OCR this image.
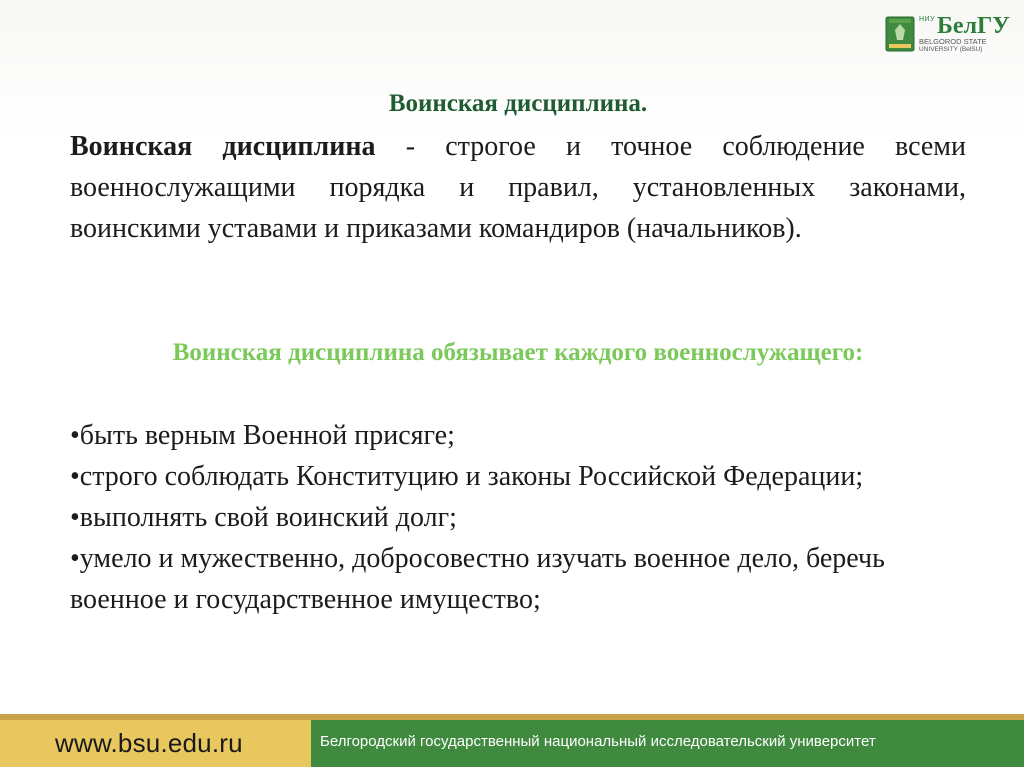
НИУ БелГУ
BELGOROD STATE
UNIVERSITY (BelSU)
Воинская дисциплина.
Воинская дисциплина - строгое и точное соблюдение всеми военнослужащими порядка и правил, установленных законами, воинскими уставами и приказами командиров (начальников).
Воинская дисциплина обязывает каждого военнослужащего:
•быть верным Военной присяге;
•строго соблюдать Конституцию и законы Российской Федерации;
•выполнять свой воинский долг;
•умело и мужественно, добросовестно изучать военное дело, беречь военное и государственное имущество;
www.bsu.edu.ru	Белгородский государственный национальный исследовательский университет
